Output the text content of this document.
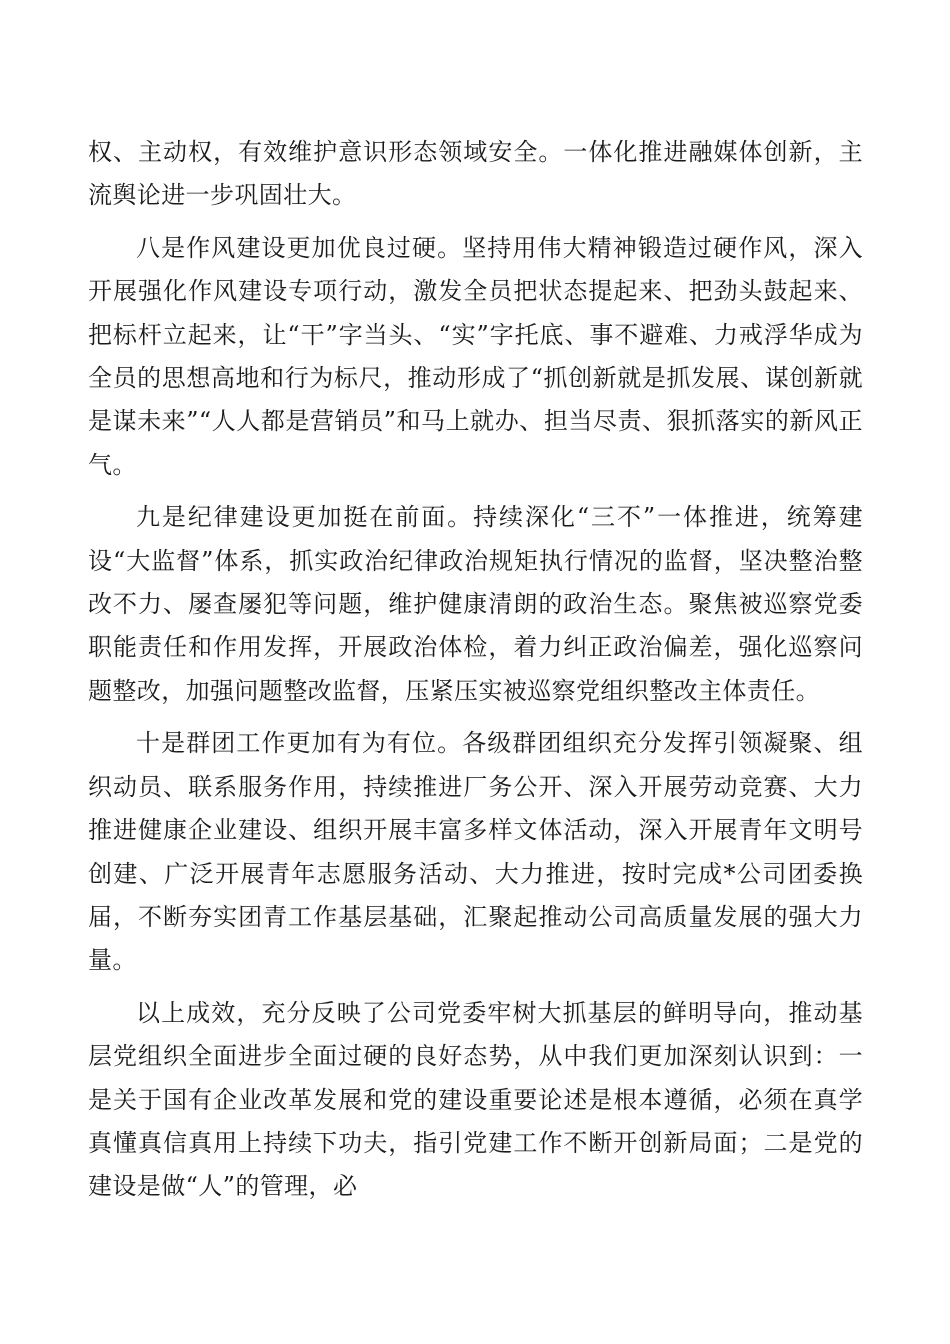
权、主动权，有效维护意识形态领域安全。一体化推进融媒体创新，主流舆论进一步巩固壮大。

八是作风建设更加优良过硬。坚持用伟大精神锻造过硬作风，深入开展强化作风建设专项行动，激发全员把状态提起来、把劲头鼓起来、把标杆立起来，让“干”字当头、“实”字托底、事不避难、力戒浮华成为全员的思想高地和行为标尺，推动形成了“抓创新就是抓发展、谋创新就是谋未来”“人人都是营销员”和马上就办、担当尽责、狠抓落实的新风正气。

九是纪律建设更加挺在前面。持续深化“三不”一体推进，统筹建设“大监督”体系，抓实政治纪律政治规矩执行情况的监督，坚决整治整改不力、屡查屡犯等问题，维护健康清朗的政治生态。聚焦被巡察党委职能责任和作用发挥，开展政治体检，着力纠正政治偏差，强化巡察问题整改，加强问题整改监督，压紧压实被巡察党组织整改主体责任。

十是群团工作更加有为有位。各级群团组织充分发挥引领凝聚、组织动员、联系服务作用，持续推进厂务公开、深入开展劳动竞赛、大力推进健康企业建设、组织开展丰富多样文体活动，深入开展青年文明号创建、广泛开展青年志愿服务活动、大力推进，按时完成*公司团委换届，不断夯实团青工作基层基础，汇聚起推动公司高质量发展的强大力量。

以上成效，充分反映了公司党委牢树大抓基层的鲜明导向，推动基层党组织全面进步全面过硬的良好态势，从中我们更加深刻认识到：一是关于国有企业改革发展和党的建设重要论述是根本遵循，必须在真学真懂真信真用上持续下功夫，指引党建工作不断开创新局面；二是党的建设是做“人”的管理，必
